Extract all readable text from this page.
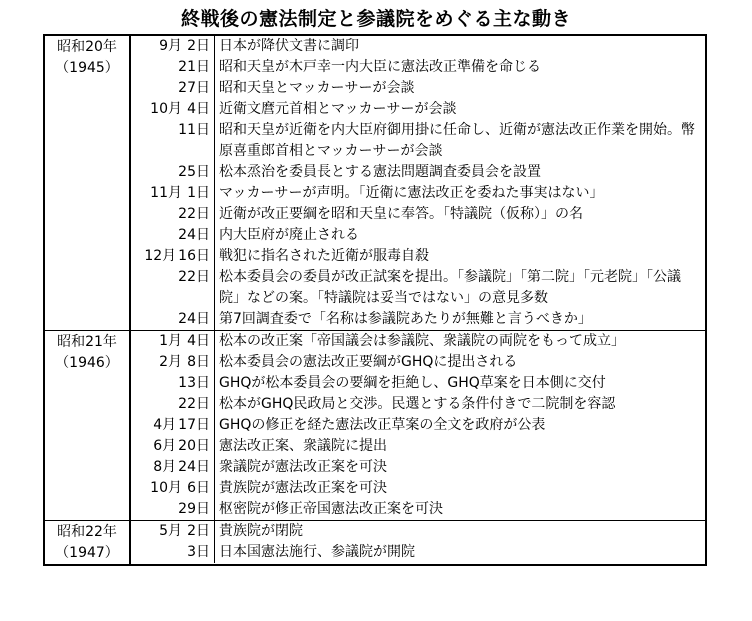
終戦後の憲法制定と参議院をめぐる主な動き
昭和20年
（1945）
9月 2日 日本が降伏文書に調印
21日 昭和天皇が木戸幸一内大臣に憲法改正準備を命じる
27日 昭和天皇とマッカーサーが会談
10月 4日 近衛文麿元首相とマッカーサーが会談
11日 昭和天皇が近衛を内大臣府御用掛に任命し、近衛が憲法改正作業を開始。幣原喜重郎首相とマッカーサーが会談
25日 松本烝治を委員長とする憲法問題調査委員会を設置
11月 1日 マッカーサーが声明。「近衛に憲法改正を委ねた事実はない」
22日 近衛が改正要綱を昭和天皇に奉答。「特議院（仮称）」の名
24日 内大臣府が廃止される
12月 16日 戦犯に指名された近衛が服毒自殺
22日 松本委員会の委員が改正試案を提出。「参議院」「第二院」「元老院」「公議院」などの案。「特議院は妥当ではない」の意見多数
24日 第7回調査委で「名称は参議院あたりが無難と言うべきか」
昭和21年
（1946）
1月 4日 松本の改正案「帝国議会は参議院、衆議院の両院をもって成立」
2月 8日 松本委員会の憲法改正要綱がGHQに提出される
13日 GHQが松本委員会の要綱を拒絶し、GHQ草案を日本側に交付
22日 松本がGHQ民政局と交渉。民選とする条件付きで二院制を容認
4月 17日 GHQの修正を経た憲法改正草案の全文を政府が公表
6月 20日 憲法改正案、衆議院に提出
8月 24日 衆議院が憲法改正案を可決
10月 6日 貴族院が憲法改正案を可決
29日 枢密院が修正帝国憲法改正案を可決
昭和22年
（1947）
5月 2日 貴族院が閉院
3日 日本国憲法施行、参議院が開院
